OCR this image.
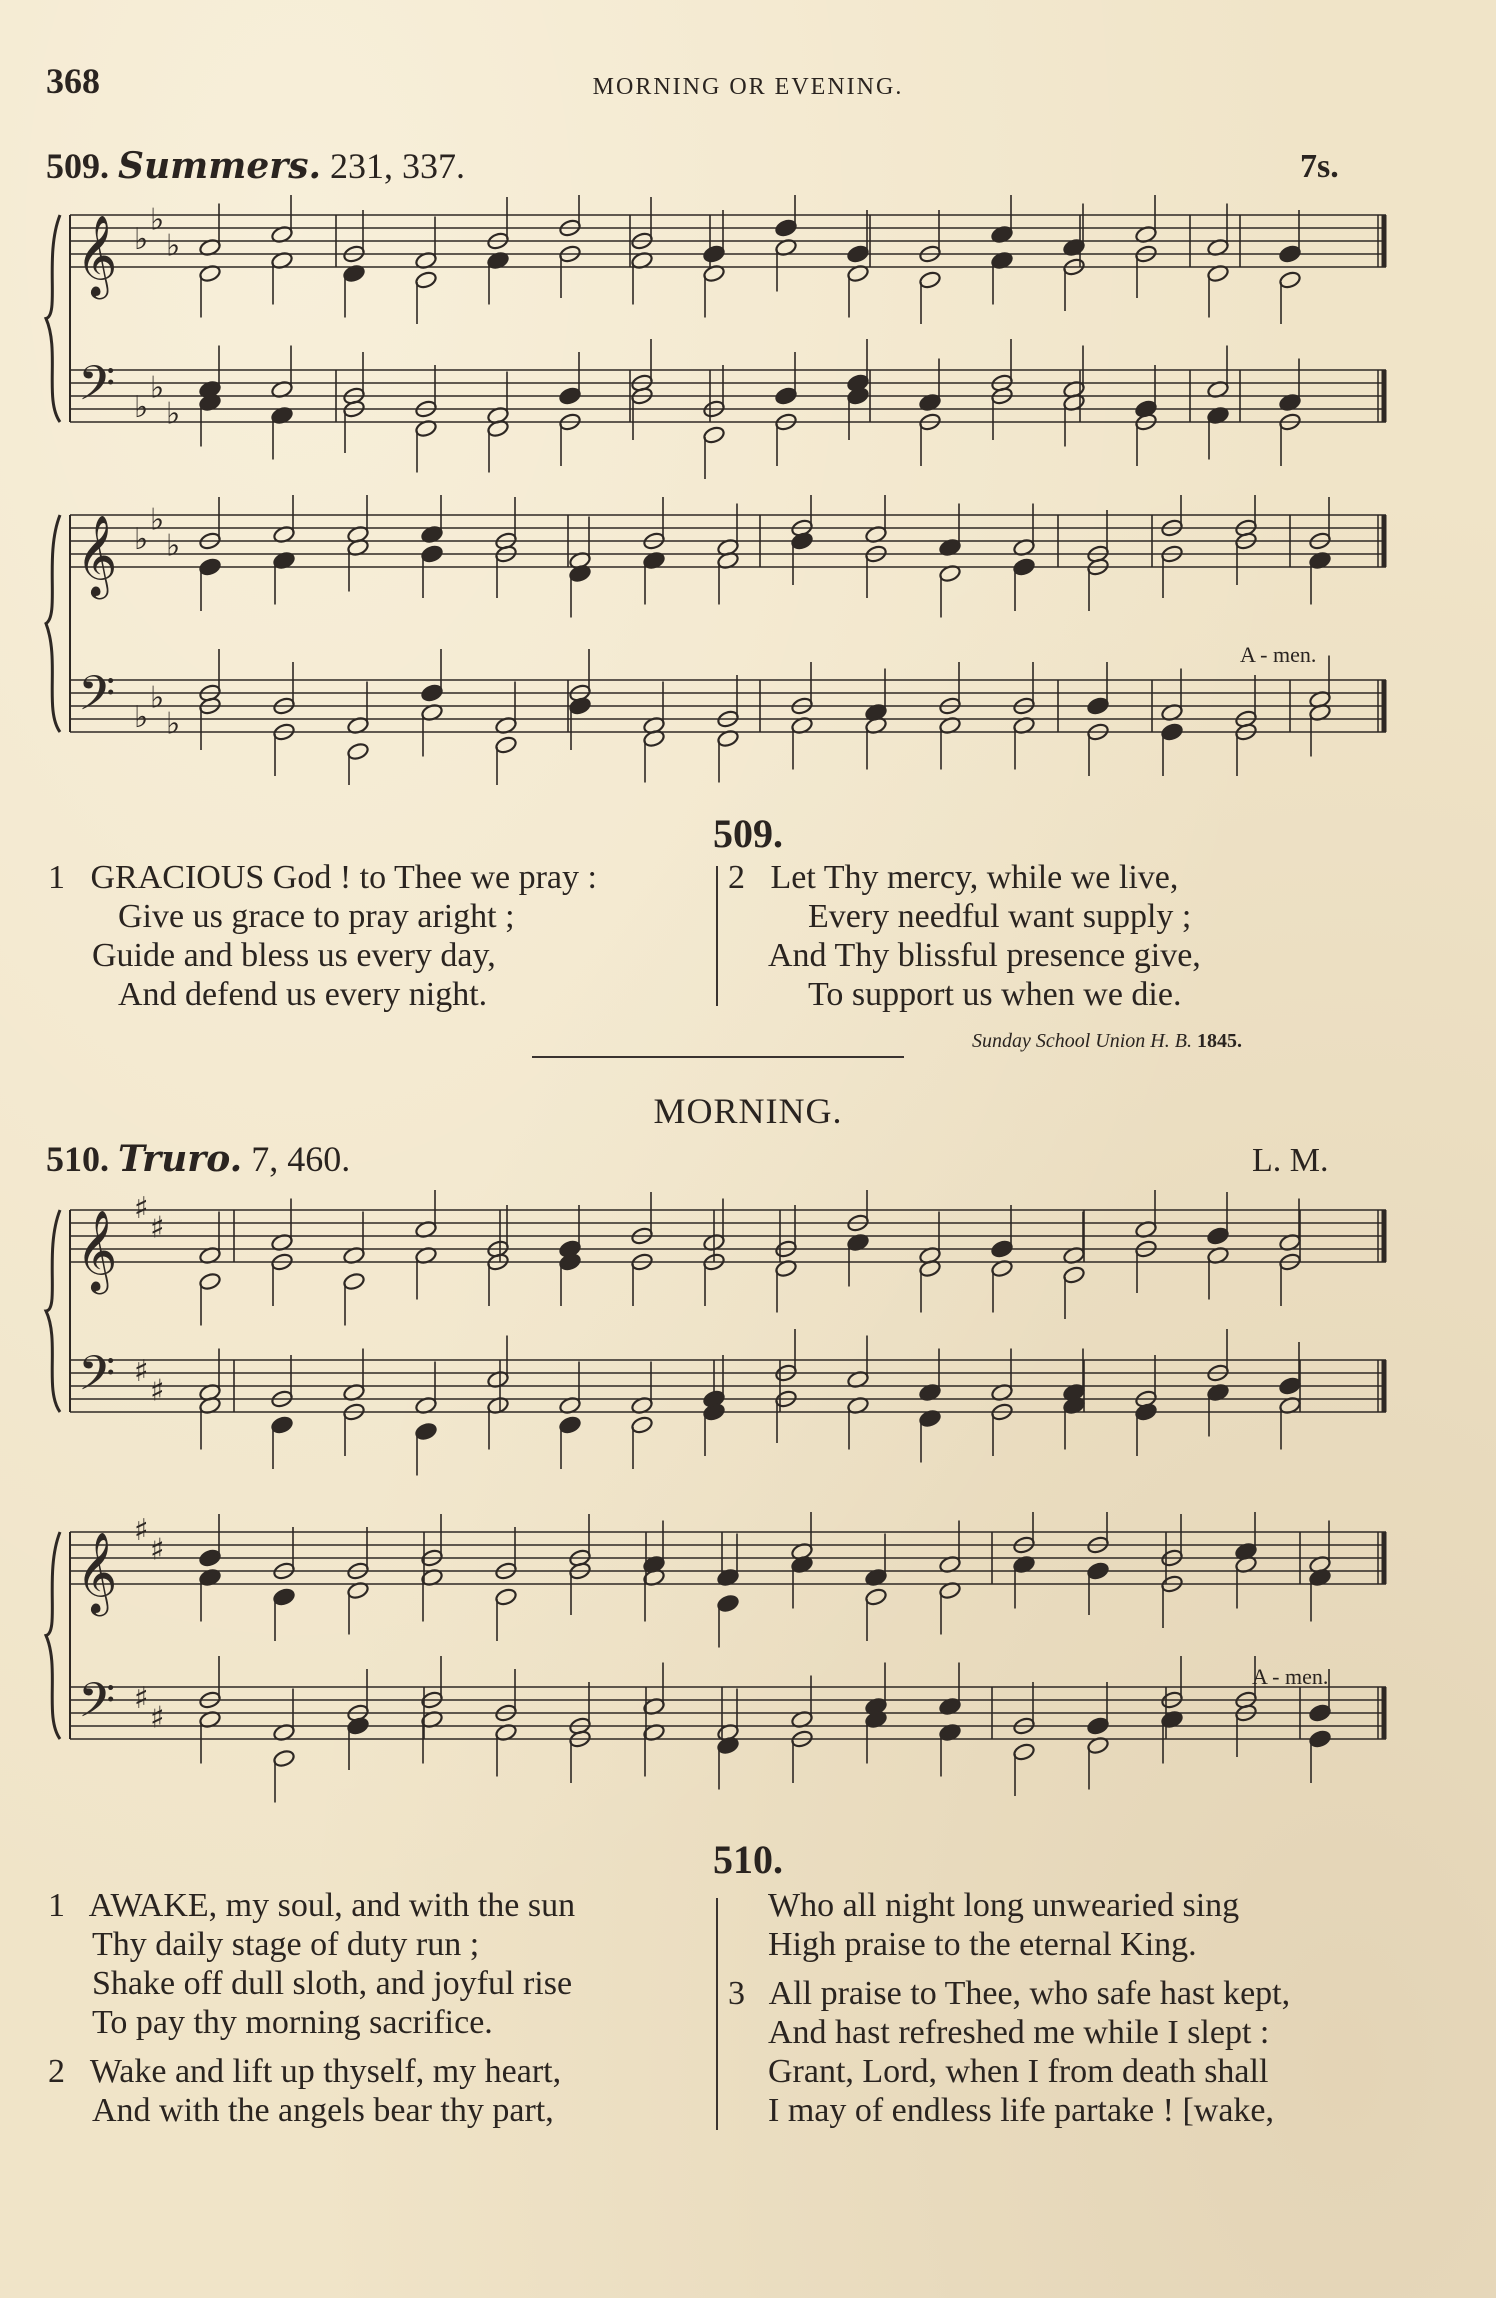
368	MORNING OR EVENING.
509. Summers. 231, 337.	7s.
𝄞 ♭
♭
♭
𝄢 ♭
♭
♭
𝄞 ♭
♭
♭
𝄢 ♭
♭
♭
A - men.
509.
1 GRACIOUS God ! to Thee we pray :
Give us grace to pray aright ;
Guide and bless us every day,
And defend us every night.
2 Let Thy mercy, while we live,
Every needful want supply ;
And Thy blissful presence give,
To support us when we die.
Sunday School Union H. B. 1845.
MORNING.
510. Truro. 7, 460.	L. M.
𝄞
♯
♯
𝄢 ♯
♯
𝄞
♯
♯
𝄢 ♯
♯
A - men.
510.
1 AWAKE, my soul, and with the sun
Thy daily stage of duty run ;
Shake off dull sloth, and joyful rise
To pay thy morning sacrifice.
2 Wake and lift up thyself, my heart,
And with the angels bear thy part,
Who all night long unwearied sing
High praise to the eternal King.
3 All praise to Thee, who safe hast kept,
And hast refreshed me while I slept :
Grant, Lord, when I from death shall
I may of endless life partake ! [wake,
